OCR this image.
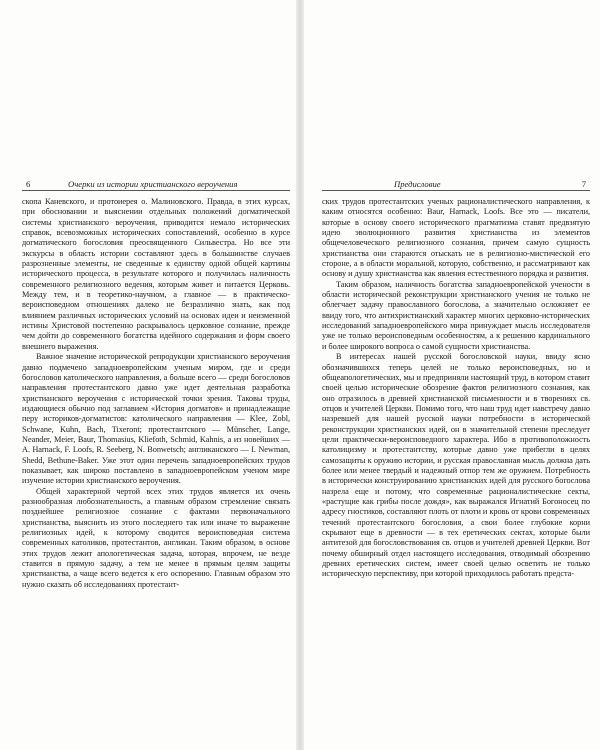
6	Очерки из истории христианского вероучения

скопа Каневского, и протоиерея о. Малиновского. Правда, в этих курсах, при обосновании и выяснении отдельных положений догматической системы христианского вероучения, приводится немало исторических справок, всевозможных исторических сопоставлений, особенно в курсе догматического богословия преосвященного Сильвестра. Но все эти экскурсы в область истории составляют здесь в большинстве случаев разрозненные элементы, не сведенные к единству одной общей картины исторического процесса, в результате которого и получилась наличность современного религиозного ведения, которым живет и питается Церковь. Между тем, и в теоретико-научном, а главное — в практическо-вероисповедном отношениях далеко не безразлично знать, как под влиянием различных исторических условий на основах идеи и неизменной истины Христовой постепенно раскрывалось церковное сознание, прежде чем дойти до современного богатства идейного содержания и форм своего внешнего выражения.

Важное значение исторической репродукции христианского вероучения давно подмечено западноевропейским ученым миром, где и среди богословов католического направления, а больше всего — среди богословов направления протестантского давно уже идет деятельная разработка христианского вероучения с исторической точки зрения. Таковы труды, издающиеся обычно под заглавием «История догматов» и принадлежащие перу историков-догматистов: католического направления — Klee, Zobl, Schwane, Kuhn, Bach, Tixeront; протестантского — Münscher, Lange, Neander, Meier, Baur, Thomasius, Kliefoth, Schmid, Kahnis, а из новейших — A. Harnack, F. Loofs, R. Seeberg, N. Bonwetsch; англиканского — I. Newman, Shedd, Bethune-Baker. Уже этот один перечень западноевропейских трудов показывает, как широко поставлено в западноевропейском ученом мире изучение истории христианского вероучения.

Общей характерной чертой всех этих трудов является их очень разнообразная любознательность, а главным образом стремление связать позднейшее религиозное сознание с фактами первоначального христианства, выяснить из этого последнего так или иначе то выражение религиозных идей, к которому сводится вероисповедная система современных католиков, протестантов, англикан. Таким образом, в основе этих трудов лежит апологетическая задача, которая, впрочем, не везде ставится в прямую задачу, а тем не менее в прямым целям защиты христианства, а чаще всего ведется к его оспорению. Главным образом это нужно сказать об исследованиях протестант-

Предисловие	7

ских трудов протестантских ученых рационалистического направления, к каким относятся особенно: Baur, Harnack, Loofs. Все это — писатели, которые в основу своего исторического прагматизма ставят предвзятую идею эволюционного развития христианства из элементов общечеловеческого религиозного сознания, причем самую сущность христианства они стараются отыскать не в религиозно-мистической его стороне, а в области моральной, которую, собственно, и рассматривают как основу и душу христианства как явления естественного порядка и развития.

Таким образом, наличность богатства западноевропейской учености в области исторической реконструкции христианского учения не только не облегчает задачу православного богослова, а значительно осложняет ее ввиду того, что антихристианский характер многих церковно-исторических исследований западноевропейского мира принуждает мысль исследователя уже не только вероисповедным особенностям, а к решению кардинального и более широкого вопроса о самой сущности христианства.

В интересах нашей русской богословской науки, ввиду ясно обозначившихся теперь целей не только вероисповедных, но и общеапологетических, мы и предприняли настоящий труд, в котором ставит своей целью исторические обозрение фактов религиозного сознания, как оно отразилось в древней христианской письменности и в творениях св. отцов и учителей Церкви. Помимо того, что наш труд идет навстречу давно назревшей для нашей русской науки потребности в исторической реконструкции христианских идей, он в значительной степени преследует цели практически-вероисповедного характера. Ибо в противоположность католицизму и протестантству, которые давно уже прибегли в целях самозащиты к оружию истории, и русская православная мысль должна дать более или менее твердый и надежный отпор тем же оружием. Потребность в исторически конструированию христианских идей для русского богослова назрела еще и потому, что современные рационалистические секты, «растущие как грибы после дождя», как выражался Игнатий Богоносец по адресу гностиков, составляют плоть от плоти и кровь от крови современных течений протестантского богословия, а свои более глубокие корни скрывают еще в древности — в тех еретических сектах, которые были антитезой для богословствования св. отцов и учителей древней Церкви. Вот почему обширный отдел настоящего исследования, отводимый обозрению древних еретических систем, имеет своей целью осветить не только историческую перспективу, при которой приходилось работать предста-
